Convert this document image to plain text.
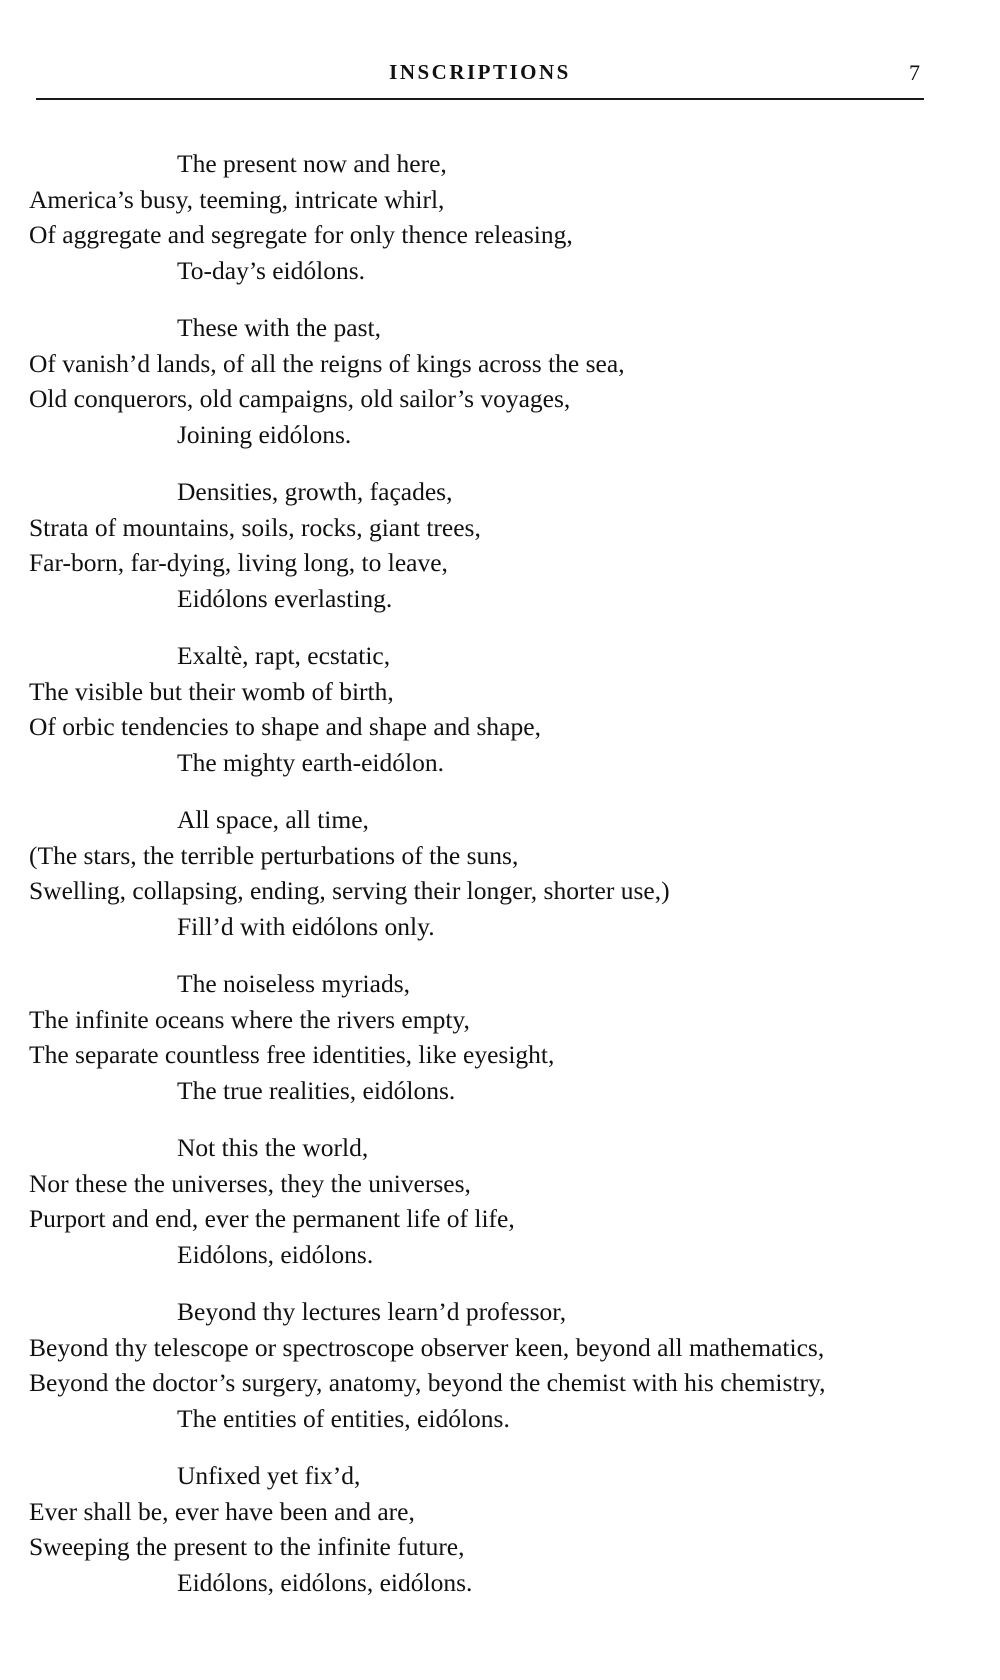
INSCRIPTIONS	7
The present now and here,
America’s busy, teeming, intricate whirl,
Of aggregate and segregate for only thence releasing,
To-day’s eidólons.
These with the past,
Of vanish’d lands, of all the reigns of kings across the sea,
Old conquerors, old campaigns, old sailor’s voyages,
Joining eidólons.
Densities, growth, façades,
Strata of mountains, soils, rocks, giant trees,
Far-born, far-dying, living long, to leave,
Eidólons everlasting.
Exaltè, rapt, ecstatic,
The visible but their womb of birth,
Of orbic tendencies to shape and shape and shape,
The mighty earth-eidólon.
All space, all time,
(The stars, the terrible perturbations of the suns,
Swelling, collapsing, ending, serving their longer, shorter use,)
Fill’d with eidólons only.
The noiseless myriads,
The infinite oceans where the rivers empty,
The separate countless free identities, like eyesight,
The true realities, eidólons.
Not this the world,
Nor these the universes, they the universes,
Purport and end, ever the permanent life of life,
Eidólons, eidólons.
Beyond thy lectures learn’d professor,
Beyond thy telescope or spectroscope observer keen, beyond all mathematics,
Beyond the doctor’s surgery, anatomy, beyond the chemist with his chemistry,
The entities of entities, eidólons.
Unfixed yet fix’d,
Ever shall be, ever have been and are,
Sweeping the present to the infinite future,
Eidólons, eidólons, eidólons.
